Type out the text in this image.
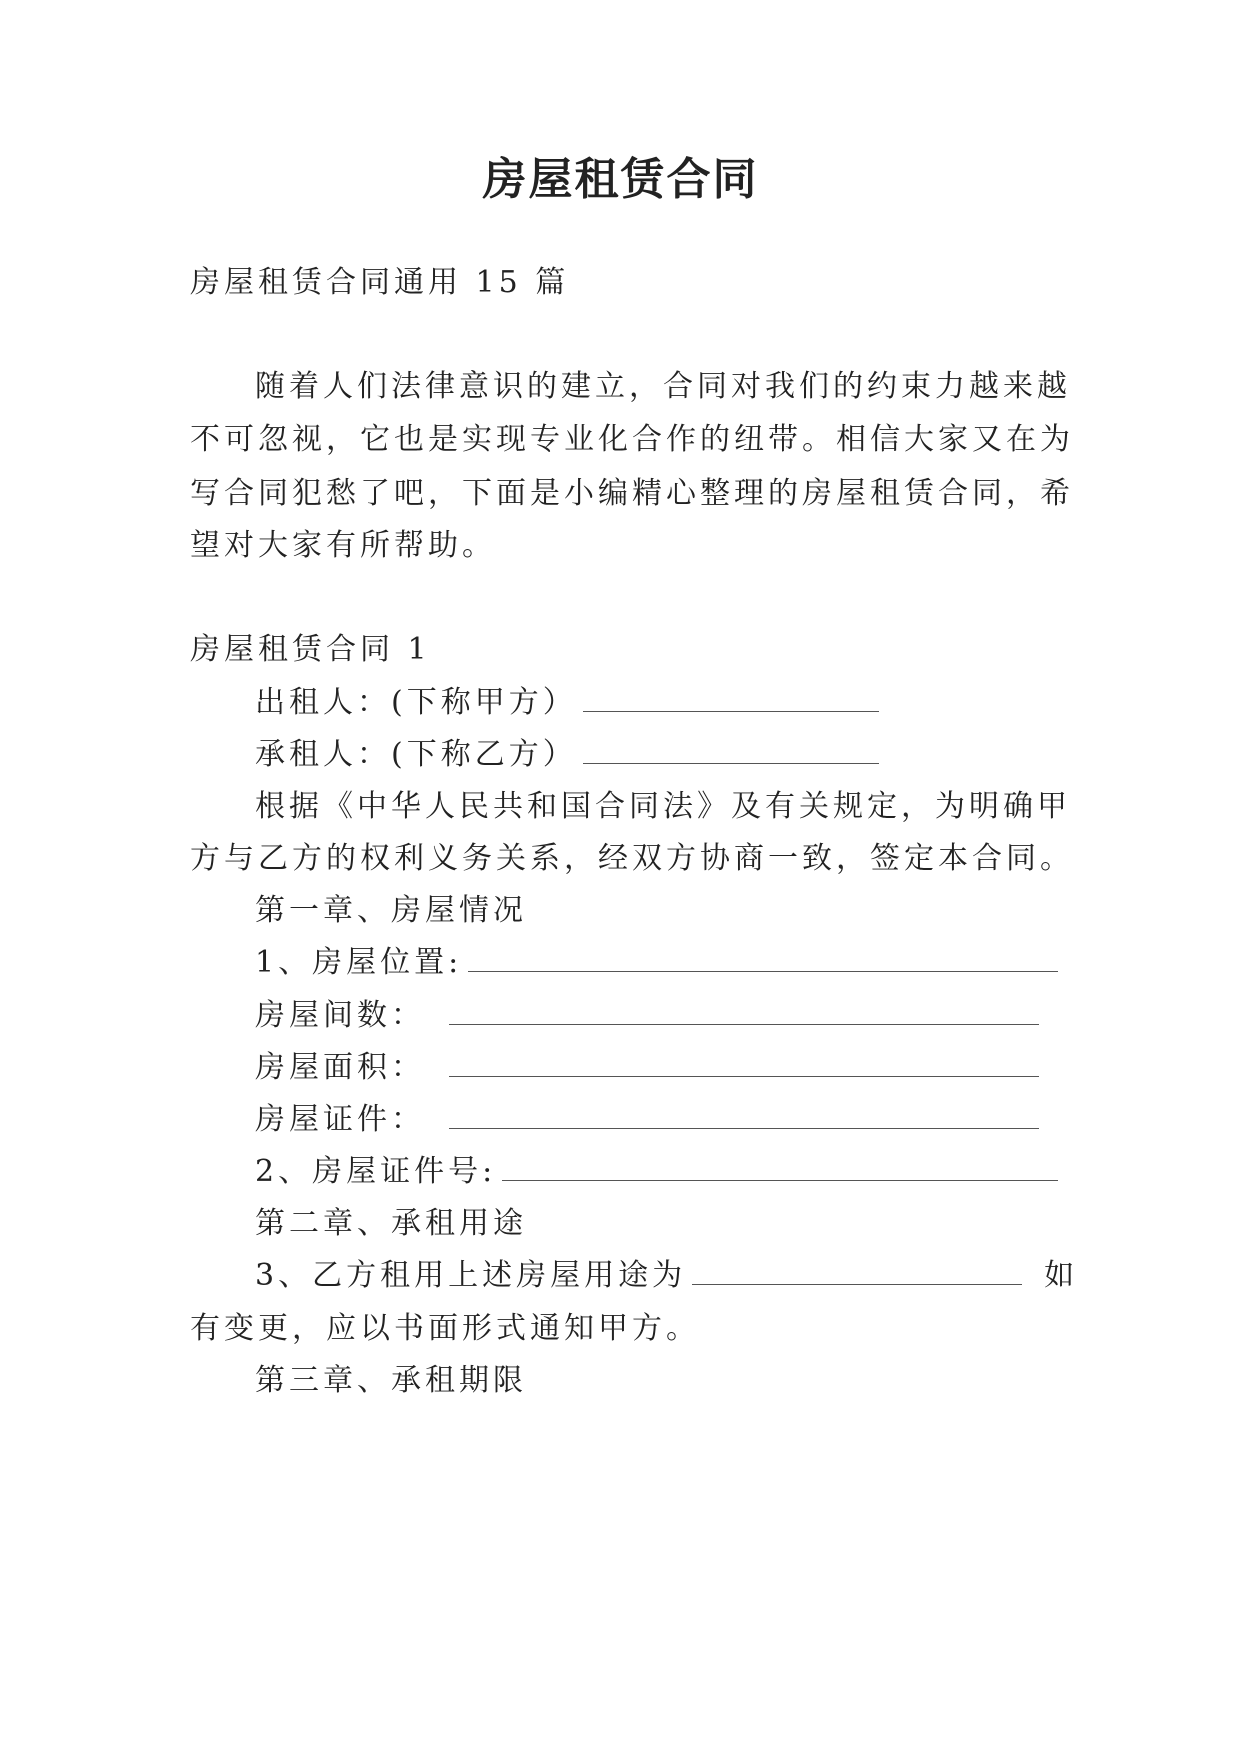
房屋租赁合同
房屋租赁合同通用 15 篇
随着人们法律意识的建立，合同对我们的约束力越来越
不可忽视，它也是实现专业化合作的纽带。相信大家又在为
写合同犯愁了吧，下面是小编精心整理的房屋租赁合同，希
望对大家有所帮助。
房屋租赁合同 1
出租人：(下称甲方）
承租人：(下称乙方）
根据《中华人民共和国合同法》及有关规定，为明确甲
方与乙方的权利义务关系，经双方协商一致，签定本合同。
第一章、房屋情况
1、房屋位置:
房屋间数：
房屋面积：
房屋证件：
2、房屋证件号:
第二章、承租用途
3、乙方租用上述房屋用途为	如
有变更，应以书面形式通知甲方。
第三章、承租期限
